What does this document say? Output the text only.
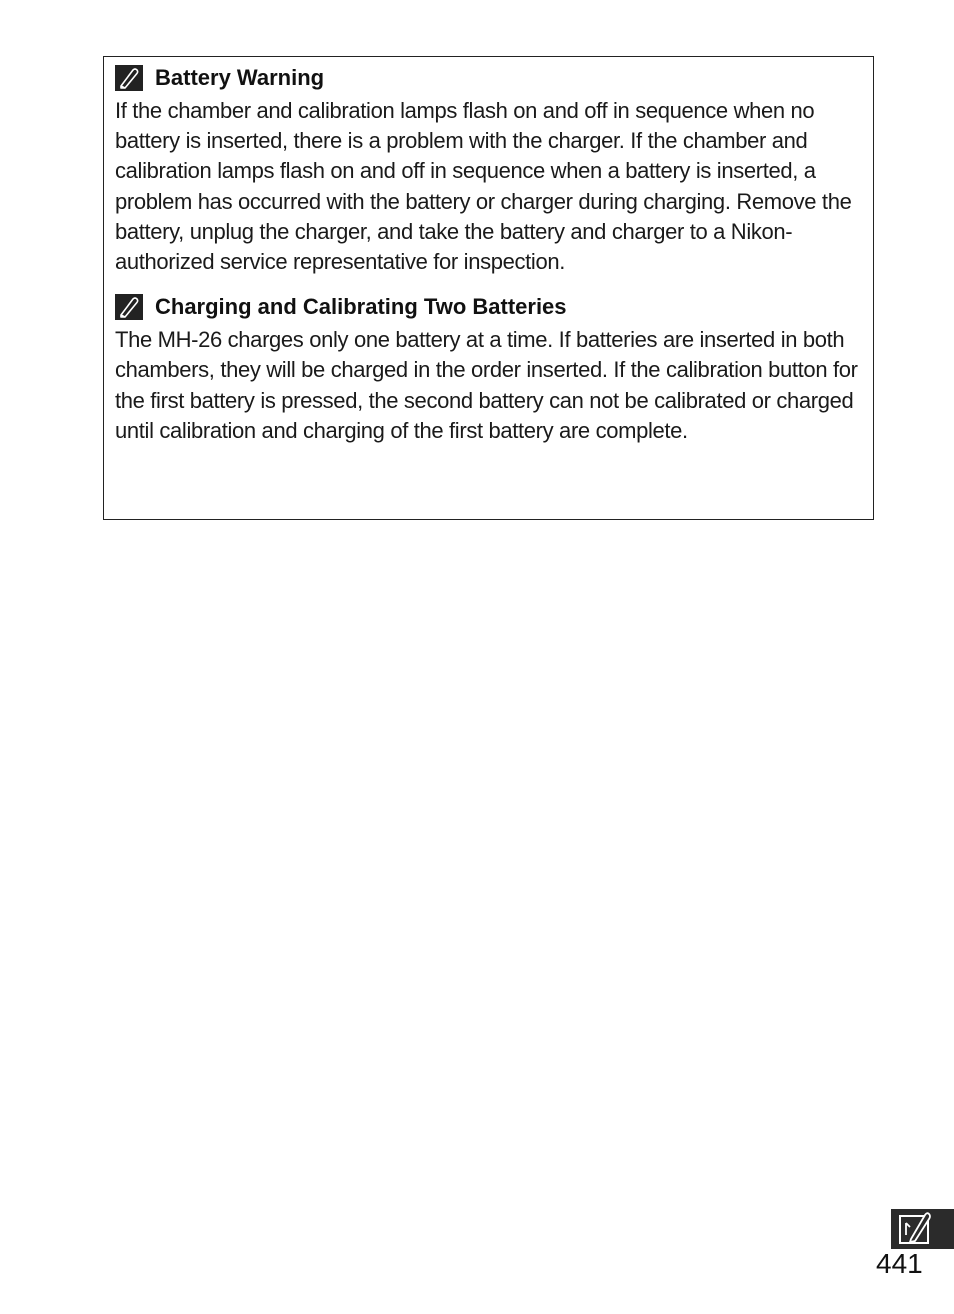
Battery Warning

If the chamber and calibration lamps flash on and off in sequence when no battery is inserted, there is a problem with the charger. If the chamber and calibration lamps flash on and off in sequence when a battery is inserted, a problem has occurred with the battery or charger during charging. Remove the battery, unplug the charger, and take the battery and charger to a Nikon-authorized service representative for inspection.

Charging and Calibrating Two Batteries

The MH-26 charges only one battery at a time. If batteries are inserted in both chambers, they will be charged in the order inserted. If the calibration button for the first battery is pressed, the second battery can not be calibrated or charged until calibration and charging of the first battery are complete.

441
